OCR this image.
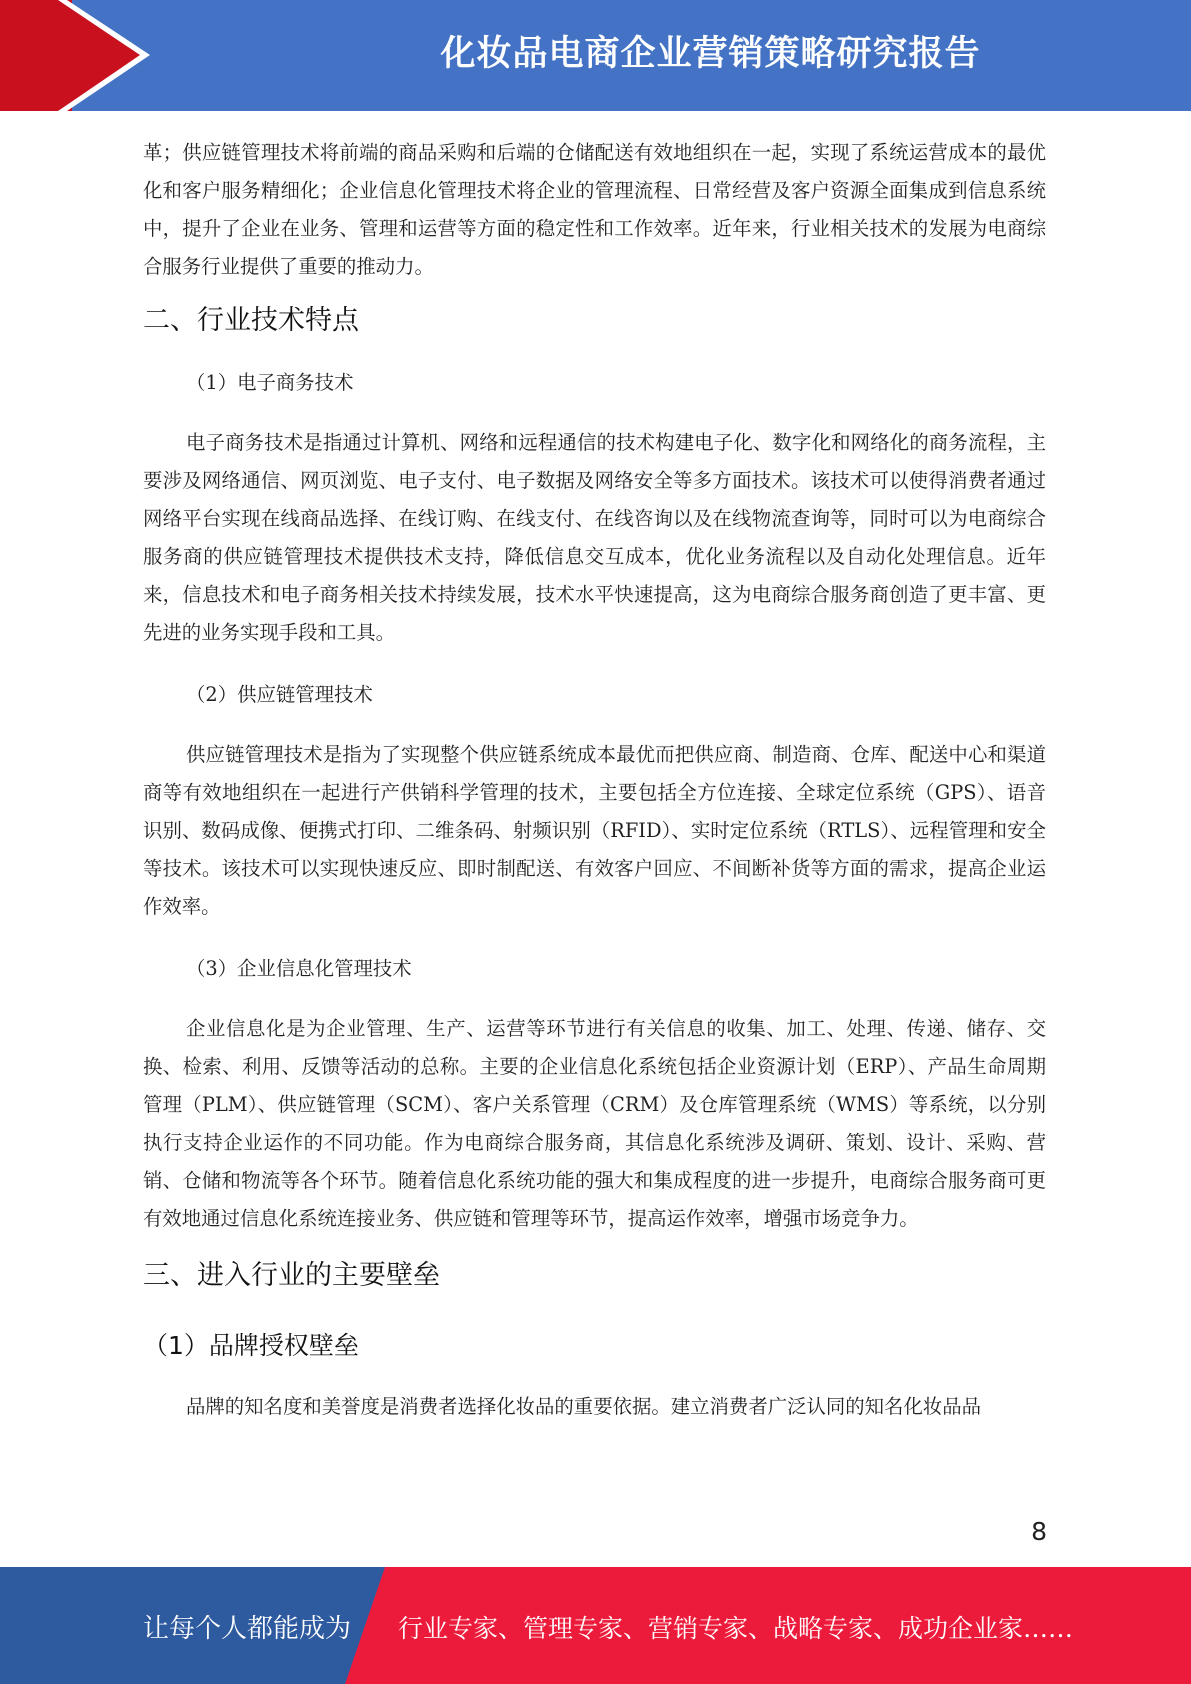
化妆品电商企业营销策略研究报告

革；供应链管理技术将前端的商品采购和后端的仓储配送有效地组织在一起，实现了系统运营成本的最优化和客户服务精细化；企业信息化管理技术将企业的管理流程、日常经营及客户资源全面集成到信息系统中，提升了企业在业务、管理和运营等方面的稳定性和工作效率。近年来，行业相关技术的发展为电商综合服务行业提供了重要的推动力。

二、行业技术特点

（1）电子商务技术

电子商务技术是指通过计算机、网络和远程通信的技术构建电子化、数字化和网络化的商务流程，主要涉及网络通信、网页浏览、电子支付、电子数据及网络安全等多方面技术。该技术可以使得消费者通过网络平台实现在线商品选择、在线订购、在线支付、在线咨询以及在线物流查询等，同时可以为电商综合服务商的供应链管理技术提供技术支持，降低信息交互成本，优化业务流程以及自动化处理信息。近年来，信息技术和电子商务相关技术持续发展，技术水平快速提高，这为电商综合服务商创造了更丰富、更先进的业务实现手段和工具。

（2）供应链管理技术

供应链管理技术是指为了实现整个供应链系统成本最优而把供应商、制造商、仓库、配送中心和渠道商等有效地组织在一起进行产供销科学管理的技术，主要包括全方位连接、全球定位系统（GPS）、语音识别、数码成像、便携式打印、二维条码、射频识别（RFID）、实时定位系统（RTLS）、远程管理和安全等技术。该技术可以实现快速反应、即时制配送、有效客户回应、不间断补货等方面的需求，提高企业运作效率。

（3）企业信息化管理技术

企业信息化是为企业管理、生产、运营等环节进行有关信息的收集、加工、处理、传递、储存、交换、检索、利用、反馈等活动的总称。主要的企业信息化系统包括企业资源计划（ERP）、产品生命周期管理（PLM）、供应链管理（SCM）、客户关系管理（CRM）及仓库管理系统（WMS）等系统，以分别执行支持企业运作的不同功能。作为电商综合服务商，其信息化系统涉及调研、策划、设计、采购、营销、仓储和物流等各个环节。随着信息化系统功能的强大和集成程度的进一步提升，电商综合服务商可更有效地通过信息化系统连接业务、供应链和管理等环节，提高运作效率，增强市场竞争力。

三、进入行业的主要壁垒
（1）品牌授权壁垒

品牌的知名度和美誉度是消费者选择化妆品的重要依据。建立消费者广泛认同的知名化妆品品

8
让每个人都能成为 行业专家、管理专家、营销专家、战略专家、成功企业家……
